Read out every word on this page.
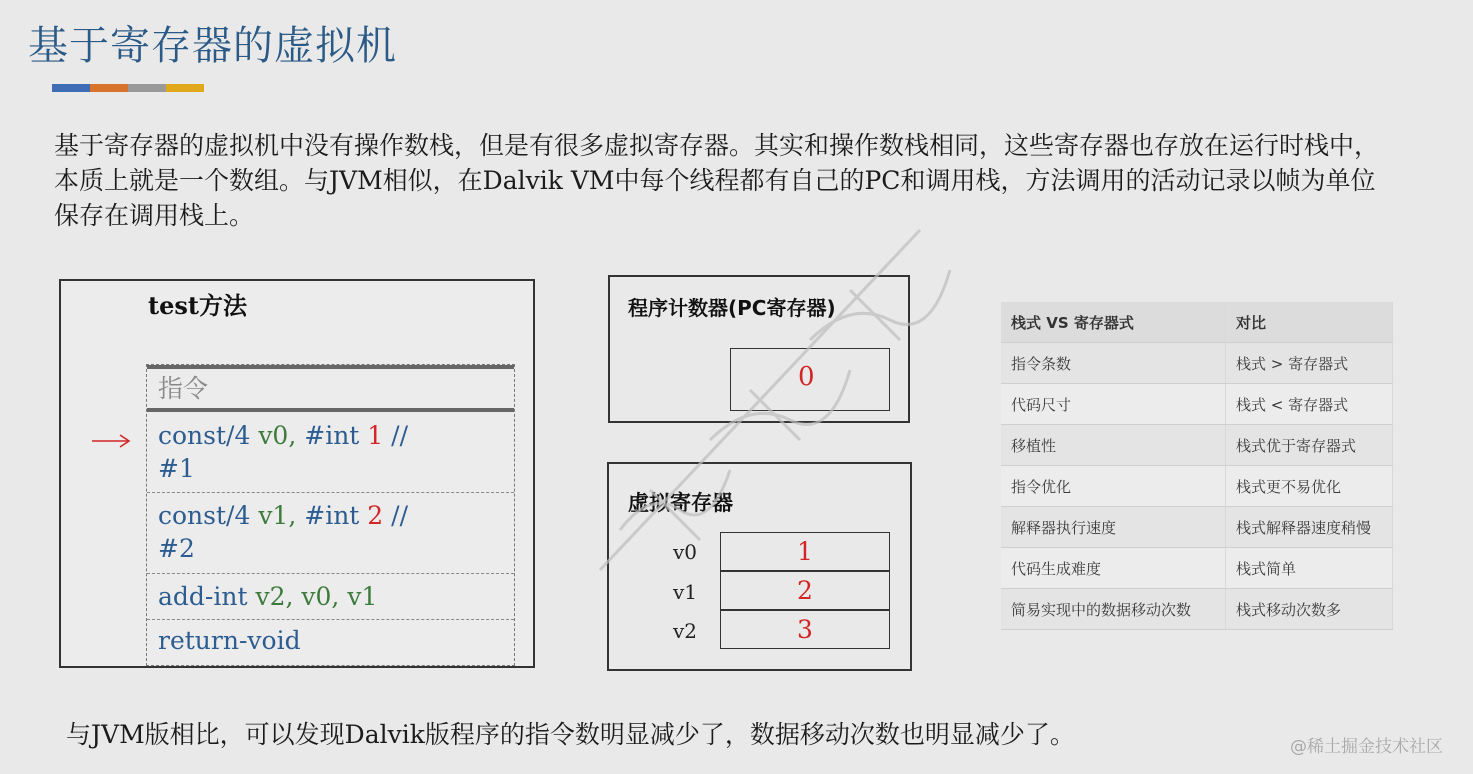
基于寄存器的虚拟机
基于寄存器的虚拟机中没有操作数栈，但是有很多虚拟寄存器。其实和操作数栈相同，这些寄存器也存放在运行时栈中，本质上就是一个数组。与JVM相似，在Dalvik VM中每个线程都有自己的PC和调用栈，方法调用的活动记录以帧为单位保存在调用栈上。
test方法
指令
const/4 v0, #int 1 //
#1
const/4 v1, #int 2 //
#2
add-int v2, v0, v1
return-void
程序计数器(PC寄存器)
0
虚拟寄存器
v0	1
v1	2
v2	3
栈式 VS 寄存器式	对比
指令条数	栈式 > 寄存器式
代码尺寸	栈式 < 寄存器式
移植性	栈式优于寄存器式
指令优化	栈式更不易优化
解释器执行速度	栈式解释器速度稍慢
代码生成难度	栈式简单
简易实现中的数据移动次数	栈式移动次数多
与JVM版相比，可以发现Dalvik版程序的指令数明显减少了，数据移动次数也明显减少了。	@稀土掘金技术社区
